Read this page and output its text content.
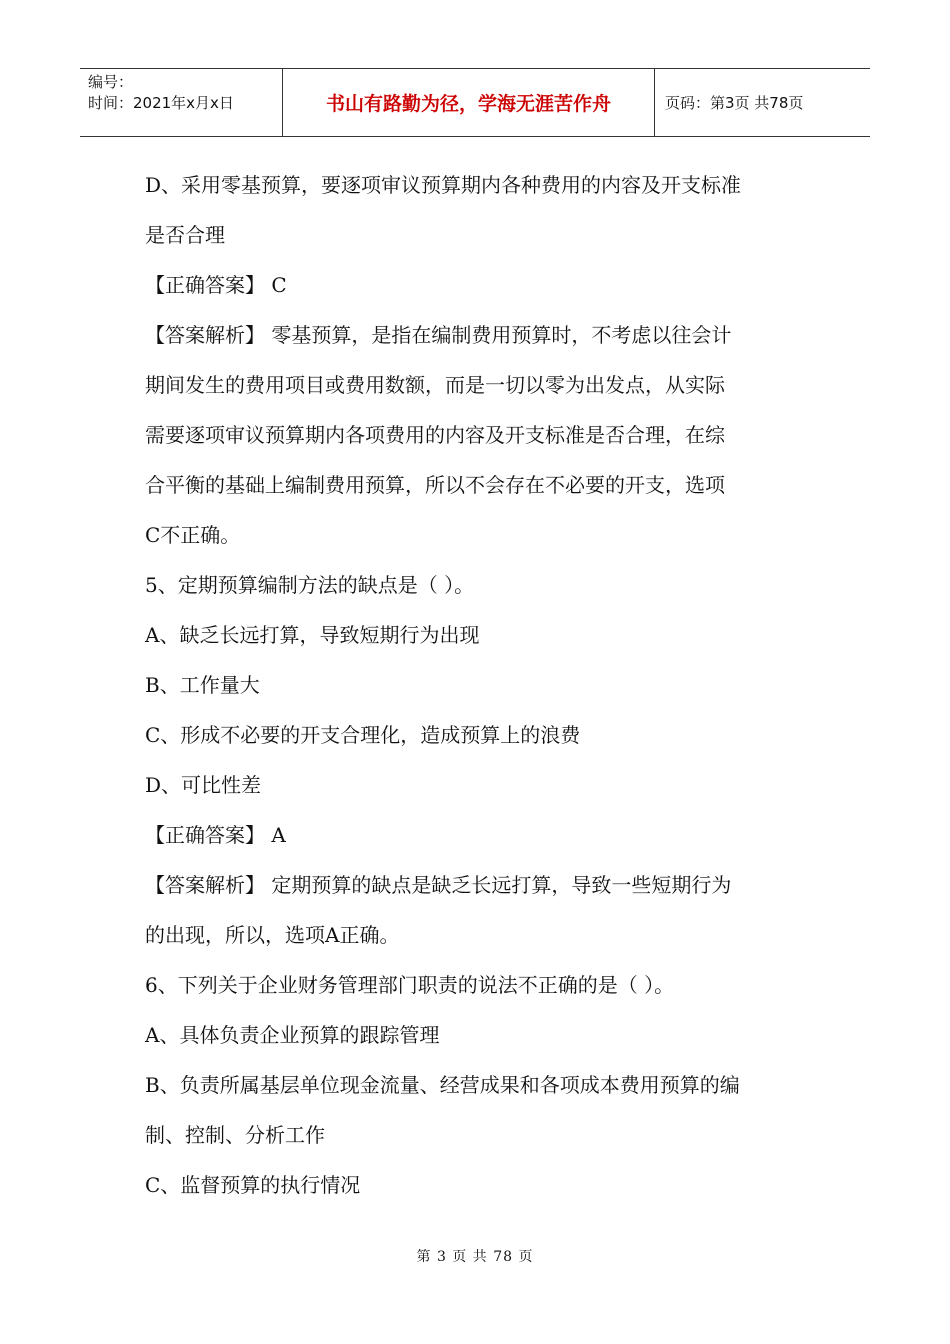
编号：
时间：2021年x月x日	书山有路勤为径，学海无涯苦作舟	页码：第3页 共78页
D、采用零基预算，要逐项审议预算期内各种费用的内容及开支标准
是否合理
【正确答案】 C
【答案解析】 零基预算，是指在编制费用预算时，不考虑以往会计
期间发生的费用项目或费用数额，而是一切以零为出发点，从实际
需要逐项审议预算期内各项费用的内容及开支标准是否合理，在综
合平衡的基础上编制费用预算，所以不会存在不必要的开支，选项
C不正确。
5、定期预算编制方法的缺点是（ ）。
A、缺乏长远打算，导致短期行为出现
B、工作量大
C、形成不必要的开支合理化，造成预算上的浪费
D、可比性差
【正确答案】 A
【答案解析】 定期预算的缺点是缺乏长远打算，导致一些短期行为
的出现，所以，选项A正确。
6、下列关于企业财务管理部门职责的说法不正确的是（ ）。
A、具体负责企业预算的跟踪管理
B、负责所属基层单位现金流量、经营成果和各项成本费用预算的编
制、控制、分析工作
C、监督预算的执行情况
第 3 页 共 78 页
